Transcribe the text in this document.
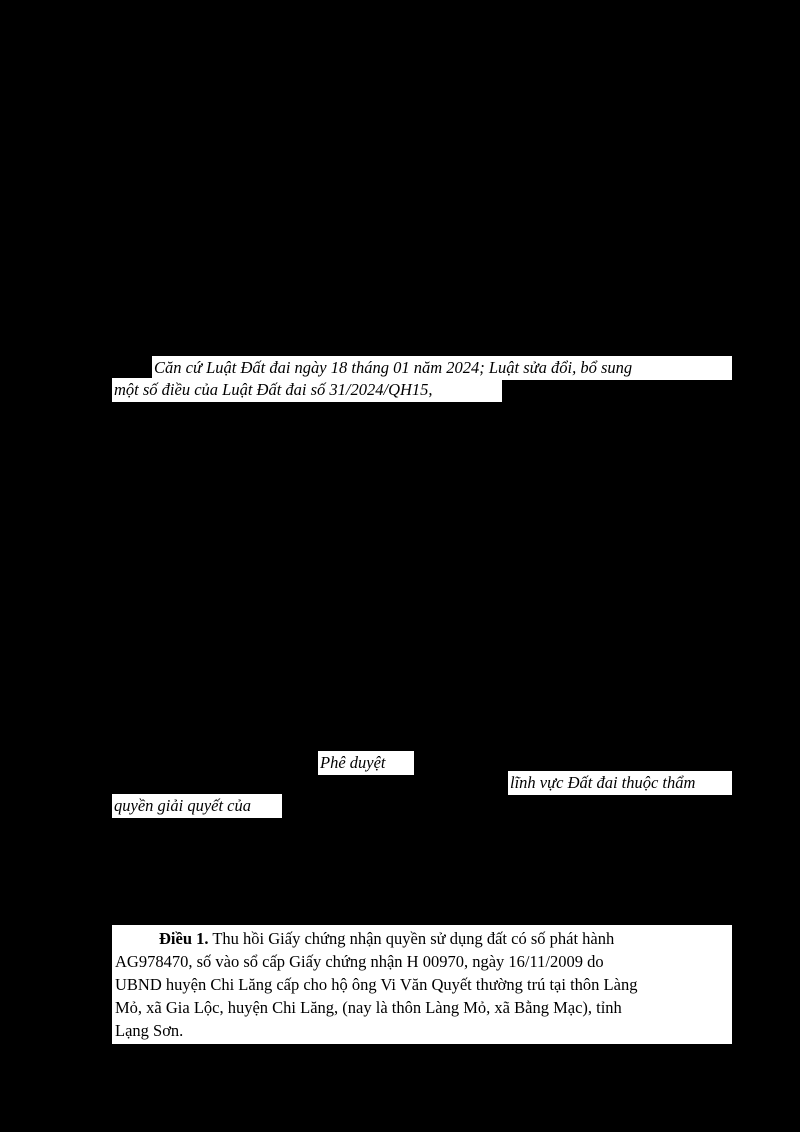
Căn cứ Luật Đất đai ngày 18 tháng 01 năm 2024; Luật sửa đổi, bổ sung
một số điều của Luật Đất đai số 31/2024/QH15,
Phê duyệt
lĩnh vực Đất đai thuộc thẩm
quyền giải quyết của
Điều 1. Thu hồi Giấy chứng nhận quyền sử dụng đất có số phát hành
AG978470, số vào sổ cấp Giấy chứng nhận H 00970, ngày 16/11/2009 do
UBND huyện Chi Lăng cấp cho hộ ông Vi Văn Quyết thường trú tại thôn Làng
Mỏ, xã Gia Lộc, huyện Chi Lăng, (nay là thôn Làng Mỏ, xã Bằng Mạc), tỉnh
Lạng Sơn.
